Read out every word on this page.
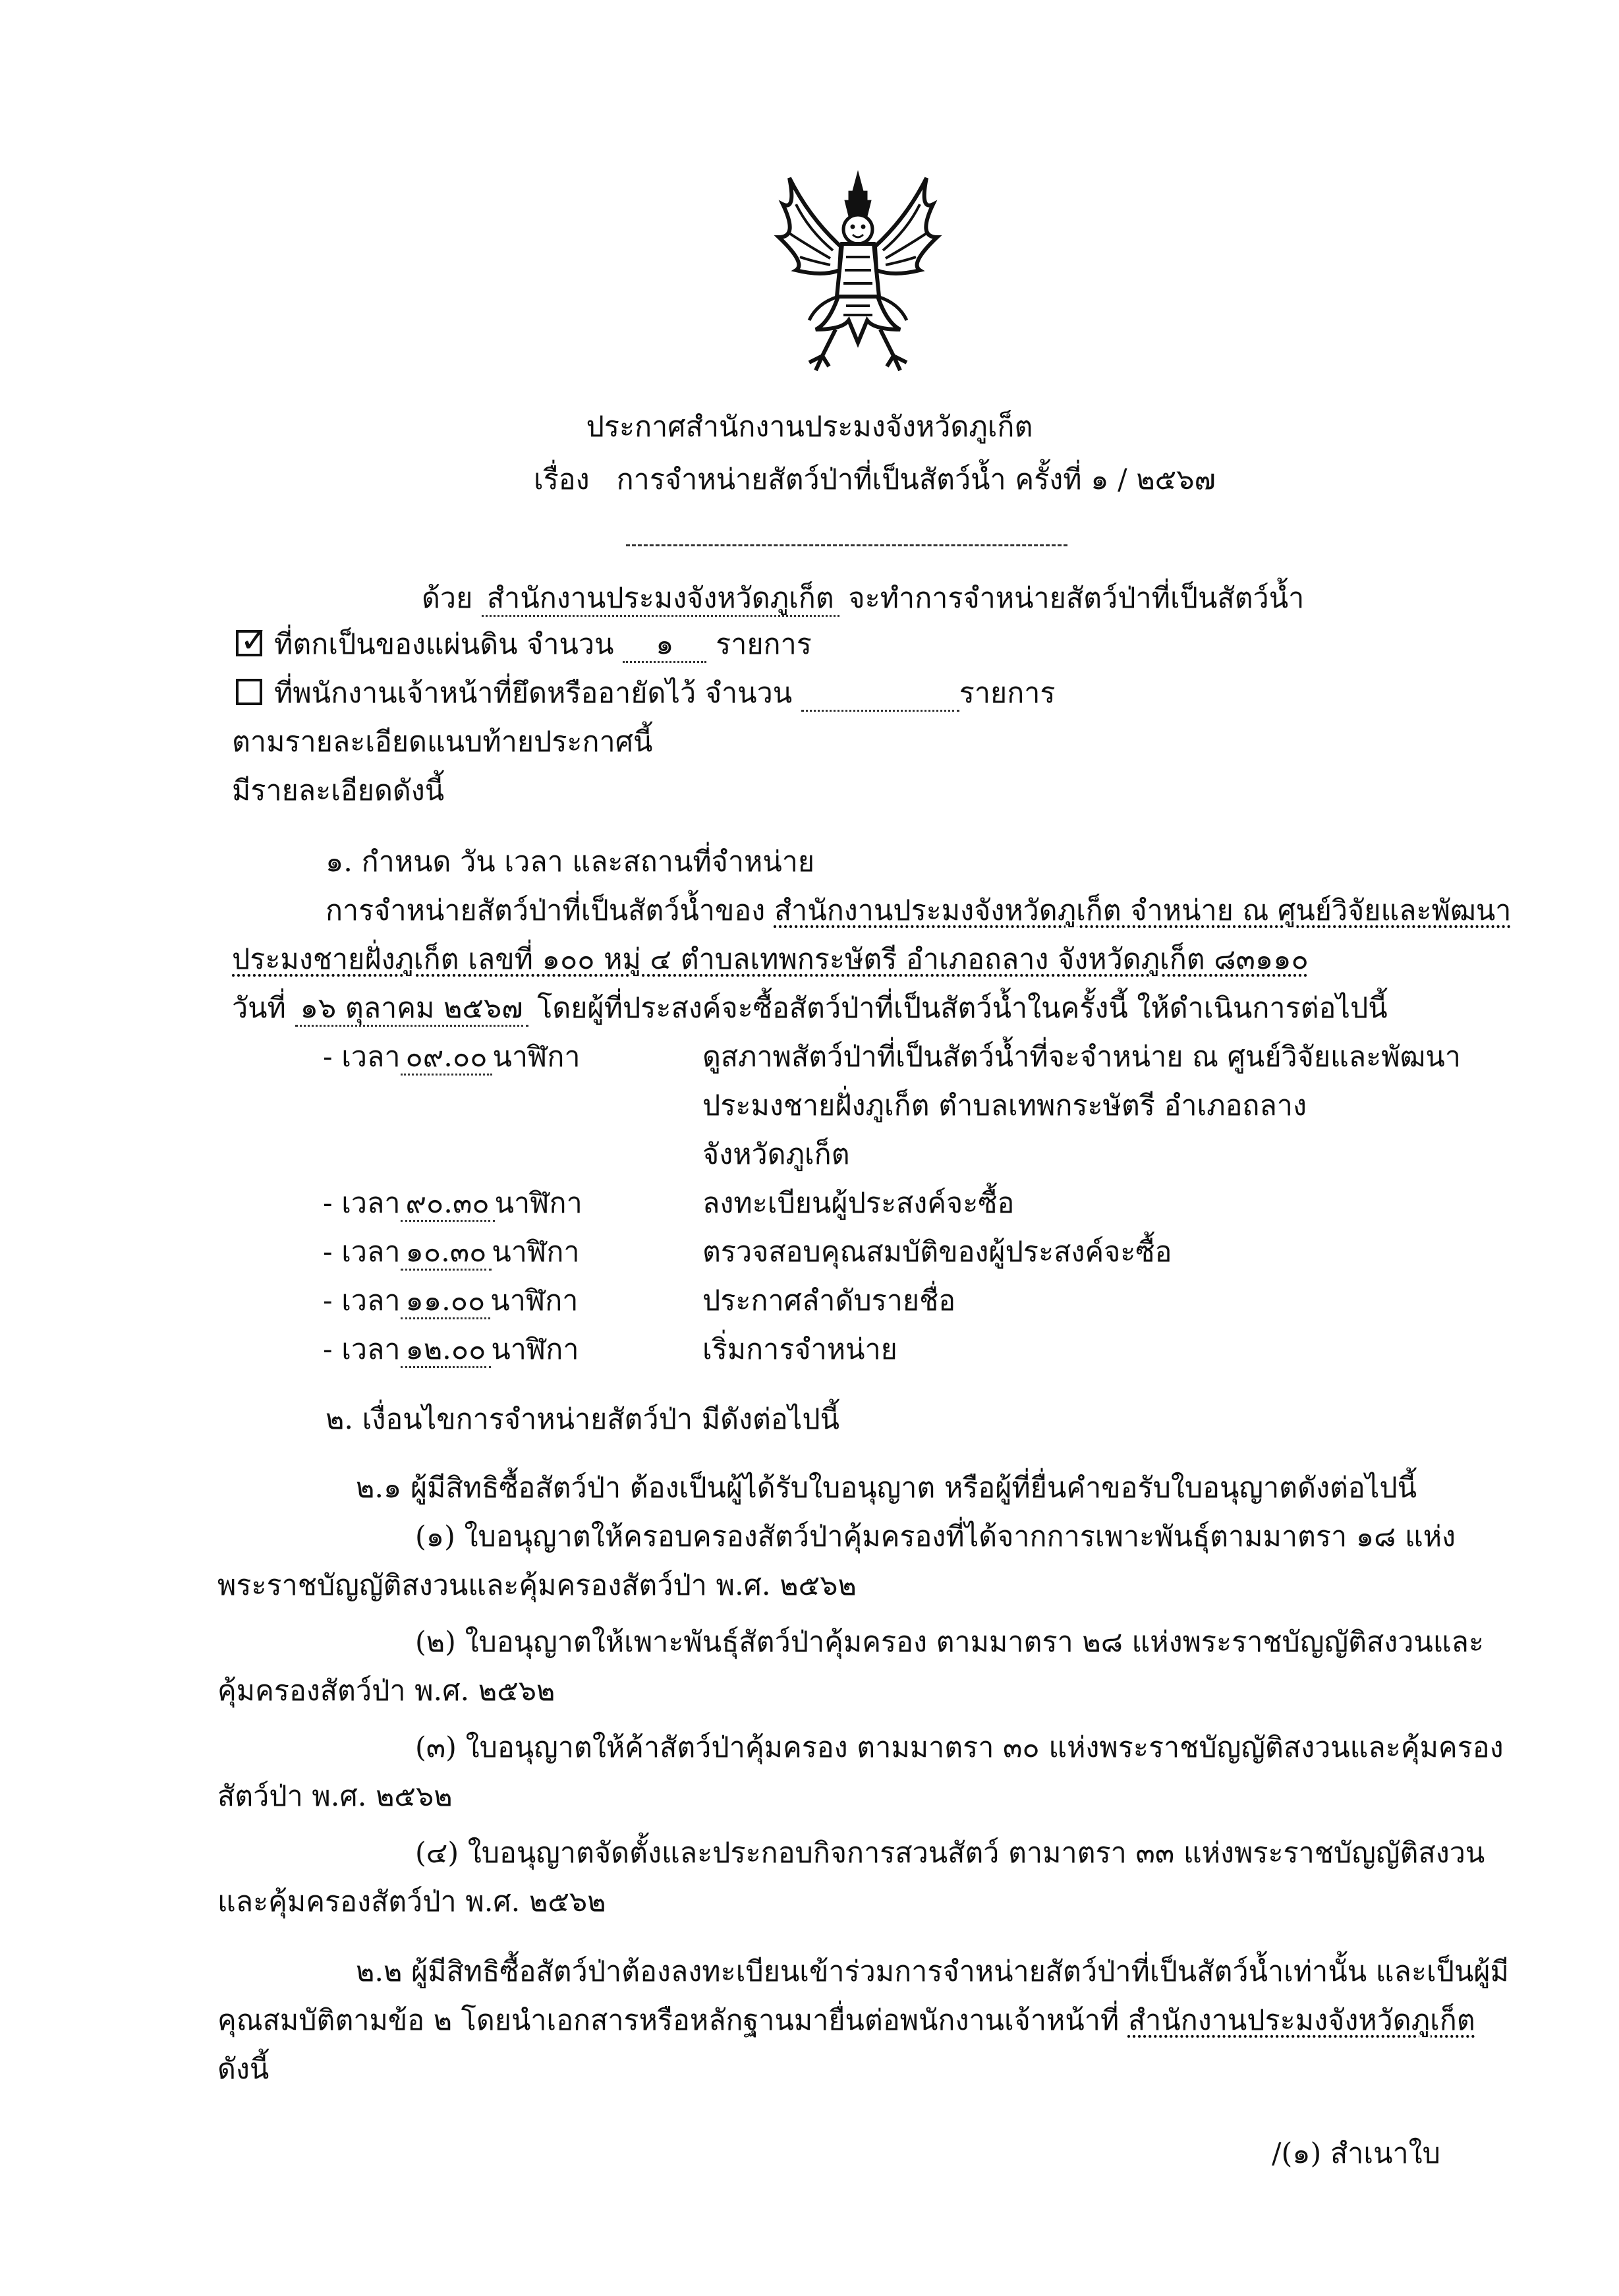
ประกาศสำนักงานประมงจังหวัดภูเก็ต
เรื่อง การจำหน่ายสัตว์ป่าที่เป็นสัตว์น้ำ ครั้งที่ ๑ / ๒๕๖๗
ด้วย สำนักงานประมงจังหวัดภูเก็ต จะทำการจำหน่ายสัตว์ป่าที่เป็นสัตว์น้ำ
✓ ที่ตกเป็นของแผ่นดิน จำนวน ๑ รายการ
ที่พนักงานเจ้าหน้าที่ยึดหรืออายัดไว้ จำนวน	รายการ
ตามรายละเอียดแนบท้ายประกาศนี้
มีรายละเอียดดังนี้
๑. กำหนด วัน เวลา และสถานที่จำหน่าย
การจำหน่ายสัตว์ป่าที่เป็นสัตว์น้ำของ สำนักงานประมงจังหวัดภูเก็ต จำหน่าย ณ ศูนย์วิจัยและพัฒนา
ประมงชายฝั่งภูเก็ต เลขที่ ๑๐๐ หมู่ ๔ ตำบลเทพกระษัตรี อำเภอถลาง จังหวัดภูเก็ต ๘๓๑๑๐
วันที่ ๑๖ ตุลาคม ๒๕๖๗ โดยผู้ที่ประสงค์จะซื้อสัตว์ป่าที่เป็นสัตว์น้ำในครั้งนี้ ให้ดำเนินการต่อไปนี้
- เวลา ๐๙.๐๐ นาฬิกา	ดูสภาพสัตว์ป่าที่เป็นสัตว์น้ำที่จะจำหน่าย ณ ศูนย์วิจัยและพัฒนา
ประมงชายฝั่งภูเก็ต ตำบลเทพกระษัตรี อำเภอถลาง
จังหวัดภูเก็ต
- เวลา ๙๐.๓๐ นาฬิกา	ลงทะเบียนผู้ประสงค์จะซื้อ
- เวลา ๑๐.๓๐ นาฬิกา	ตรวจสอบคุณสมบัติของผู้ประสงค์จะซื้อ
- เวลา ๑๑.๐๐ นาฬิกา	ประกาศลำดับรายชื่อ
- เวลา ๑๒.๐๐ นาฬิกา	เริ่มการจำหน่าย
๒. เงื่อนไขการจำหน่ายสัตว์ป่า มีดังต่อไปนี้
๒.๑ ผู้มีสิทธิซื้อสัตว์ป่า ต้องเป็นผู้ได้รับใบอนุญาต หรือผู้ที่ยื่นคำขอรับใบอนุญาตดังต่อไปนี้
(๑) ใบอนุญาตให้ครอบครองสัตว์ป่าคุ้มครองที่ได้จากการเพาะพันธุ์ตามมาตรา ๑๘ แห่ง
พระราชบัญญัติสงวนและคุ้มครองสัตว์ป่า พ.ศ. ๒๕๖๒
(๒) ใบอนุญาตให้เพาะพันธุ์สัตว์ป่าคุ้มครอง ตามมาตรา ๒๘ แห่งพระราชบัญญัติสงวนและ
คุ้มครองสัตว์ป่า พ.ศ. ๒๕๖๒
(๓) ใบอนุญาตให้ค้าสัตว์ป่าคุ้มครอง ตามมาตรา ๓๐ แห่งพระราชบัญญัติสงวนและคุ้มครอง
สัตว์ป่า พ.ศ. ๒๕๖๒
(๔) ใบอนุญาตจัดตั้งและประกอบกิจการสวนสัตว์ ตามาตรา ๓๓ แห่งพระราชบัญญัติสงวน
และคุ้มครองสัตว์ป่า พ.ศ. ๒๕๖๒
๒.๒ ผู้มีสิทธิซื้อสัตว์ป่าต้องลงทะเบียนเข้าร่วมการจำหน่ายสัตว์ป่าที่เป็นสัตว์น้ำเท่านั้น และเป็นผู้มี
คุณสมบัติตามข้อ ๒ โดยนำเอกสารหรือหลักฐานมายื่นต่อพนักงานเจ้าหน้าที่ สำนักงานประมงจังหวัดภูเก็ต
ดังนี้
/(๑) สำเนาใบ
